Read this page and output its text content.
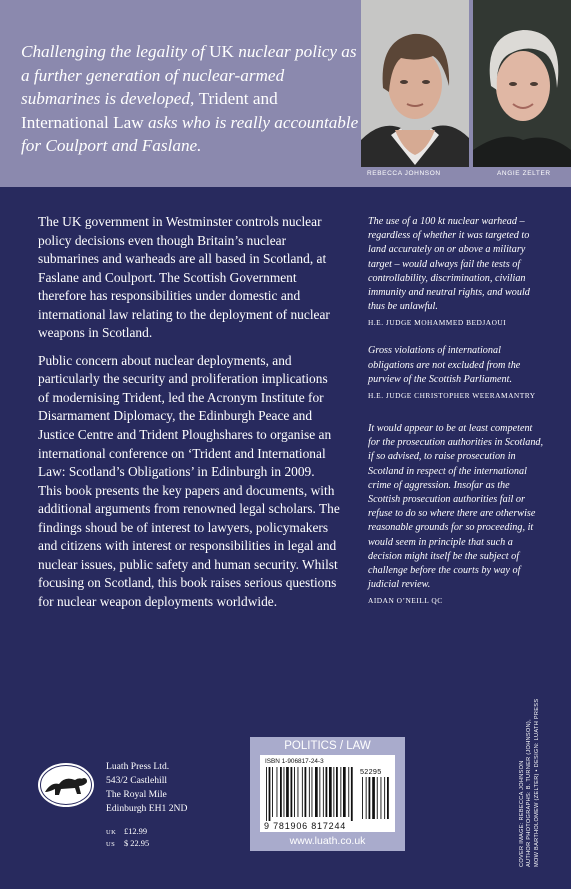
Challenging the legality of UK nuclear policy as a further generation of nuclear-armed submarines is developed, Trident and International Law asks who is really accountable for Coulport and Faslane.
REBECCA JOHNSON	ANGIE ZELTER

The UK government in Westminster controls nuclear policy decisions even though Britain’s nuclear submarines and warheads are all based in Scotland, at Faslane and Coulport. The Scottish Government therefore has responsibilities under domestic and international law relating to the deployment of nuclear weapons in Scotland.

Public concern about nuclear deployments, and particularly the security and proliferation implications of modernising Trident, led the Acronym Institute for Disarmament Diplomacy, the Edinburgh Peace and Justice Centre and Trident Ploughshares to organise an international conference on ‘Trident and International Law: Scotland’s Obligations’ in Edinburgh in 2009.

This book presents the key papers and documents, with additional arguments from renowned legal scholars. The findings shoud be of interest to lawyers, policymakers and citizens with interest or responsibilities in legal and nuclear issues, public safety and human security. Whilst focusing on Scotland, this book raises serious questions for nuclear weapon deployments worldwide.

The use of a 100 kt nuclear warhead – regardless of whether it was targeted to land accurately on or above a military target – would always fail the tests of controllability, discrimination, civilian immunity and neutral rights, and would thus be unlawful.

H.E. JUDGE MOHAMMED BEDJAOUI

Gross violations of international obligations are not excluded from the purview of the Scottish Parliament.

H.E. JUDGE CHRISTOPHER WEERAMANTRY

It would appear to be at least competent for the prosecution authorities in Scotland, if so advised, to raise prosecution in Scotland in respect of the international crime of aggression. Insofar as the Scottish prosecution authorities fail or refuse to do so where there are otherwise reasonable grounds for so proceeding, it would seem in principle that such a decision might itself be the subject of challenge before the courts by way of judicial review.

AIDAN O’NEILL QC

COVER IMAGE: REBECCA JOHNSON AUTHOR PHOTOGRAPHS: B. TURNER (JOHNSON), MOW BARTHOLOMEW (ZELTER) • DESIGN: LUATH PRESS
Luath Press Ltd.
543/2 Castlehill
The Royal Mile
Edinburgh EH1 2ND
UK £12.99
US $ 22.95
POLITICS / LAW
ISBN 1-906817-24-3
52295
9 781906 817244
www.luath.co.uk
